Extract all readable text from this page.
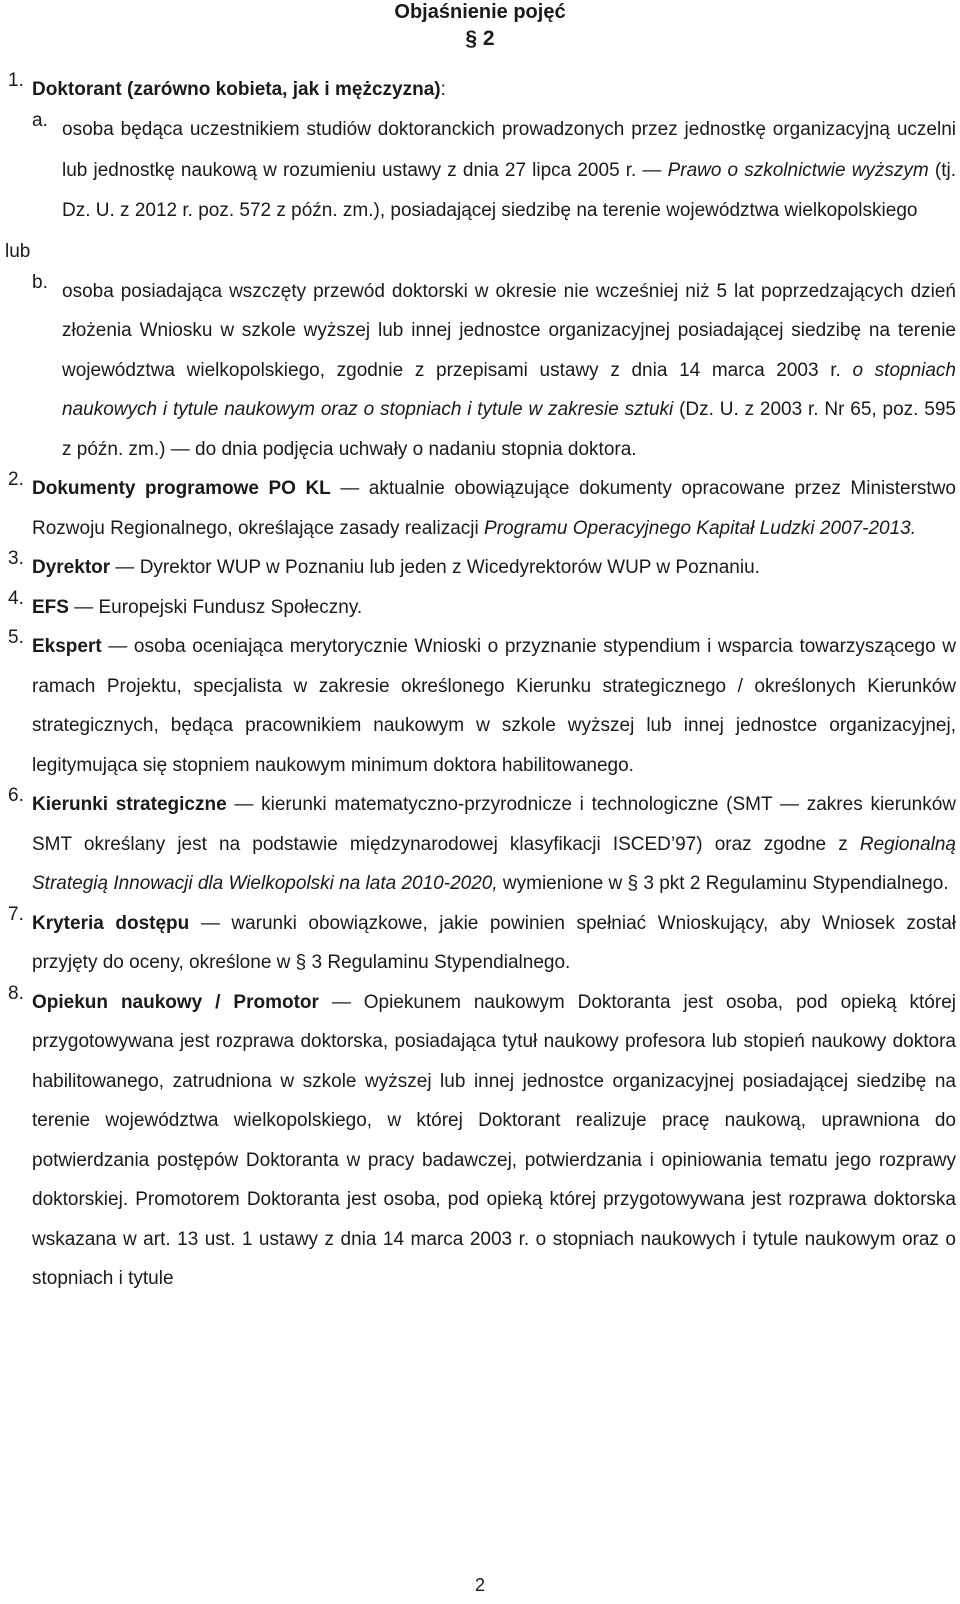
Objaśnienie pojęć
§ 2
1. Doktorant (zarówno kobieta, jak i mężczyzna):

a. osoba będąca uczestnikiem studiów doktoranckich prowadzonych przez jednostkę organizacyjną uczelni lub jednostkę naukową w rozumieniu ustawy z dnia 27 lipca 2005 r. — Prawo o szkolnictwie wyższym (tj. Dz. U. z 2012 r. poz. 572 z późn. zm.), posiadającej siedzibę na terenie województwa wielkopolskiego

lub

b. osoba posiadająca wszczęty przewód doktorski w okresie nie wcześniej niż 5 lat poprzedzających dzień złożenia Wniosku w szkole wyższej lub innej jednostce organizacyjnej posiadającej siedzibę na terenie województwa wielkopolskiego, zgodnie z przepisami ustawy z dnia 14 marca 2003 r. o stopniach naukowych i tytule naukowym oraz o stopniach i tytule w zakresie sztuki (Dz. U. z 2003 r. Nr 65, poz. 595 z późn. zm.) — do dnia podjęcia uchwały o nadaniu stopnia doktora.

2. Dokumenty programowe PO KL — aktualnie obowiązujące dokumenty opracowane przez Ministerstwo Rozwoju Regionalnego, określające zasady realizacji Programu Operacyjnego Kapitał Ludzki 2007-2013.

3. Dyrektor — Dyrektor WUP w Poznaniu lub jeden z Wicedyrektorów WUP w Poznaniu.

4. EFS — Europejski Fundusz Społeczny.

5. Ekspert — osoba oceniająca merytorycznie Wnioski o przyznanie stypendium i wsparcia towarzyszącego w ramach Projektu, specjalista w zakresie określonego Kierunku strategicznego / określonych Kierunków strategicznych, będąca pracownikiem naukowym w szkole wyższej lub innej jednostce organizacyjnej, legitymująca się stopniem naukowym minimum doktora habilitowanego.

6. Kierunki strategiczne — kierunki matematyczno-przyrodnicze i technologiczne (SMT — zakres kierunków SMT określany jest na podstawie międzynarodowej klasyfikacji ISCED’97) oraz zgodne z Regionalną Strategią Innowacji dla Wielkopolski na lata 2010-2020, wymienione w § 3 pkt 2 Regulaminu Stypendialnego.

7. Kryteria dostępu — warunki obowiązkowe, jakie powinien spełniać Wnioskujący, aby Wniosek został przyjęty do oceny, określone w § 3 Regulaminu Stypendialnego.

8. Opiekun naukowy / Promotor — Opiekunem naukowym Doktoranta jest osoba, pod opieką której przygotowywana jest rozprawa doktorska, posiadająca tytuł naukowy profesora lub stopień naukowy doktora habilitowanego, zatrudniona w szkole wyższej lub innej jednostce organizacyjnej posiadającej siedzibę na terenie województwa wielkopolskiego, w której Doktorant realizuje pracę naukową, uprawniona do potwierdzania postępów Doktoranta w pracy badawczej, potwierdzania i opiniowania tematu jego rozprawy doktorskiej. Promotorem Doktoranta jest osoba, pod opieką której przygotowywana jest rozprawa doktorska wskazana w art. 13 ust. 1 ustawy z dnia 14 marca 2003 r. o stopniach naukowych i tytule naukowym oraz o stopniach i tytule

2
